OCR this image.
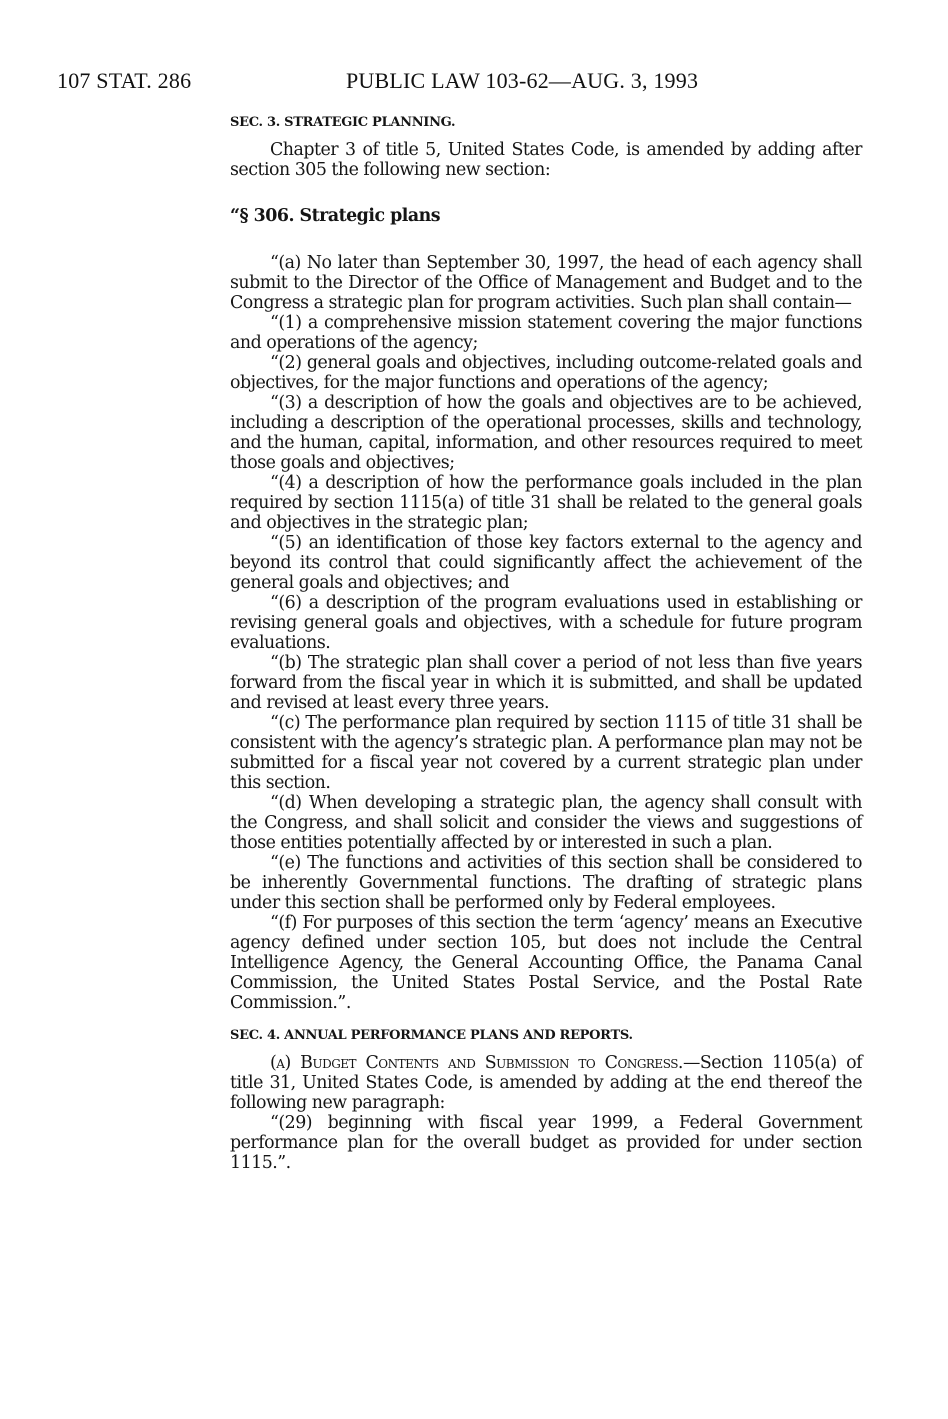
107 STAT. 286	PUBLIC LAW 103-62—AUG. 3, 1993

SEC. 3. STRATEGIC PLANNING.

Chapter 3 of title 5, United States Code, is amended by adding after section 305 the following new section:

“§ 306. Strategic plans

“(a) No later than September 30, 1997, the head of each agency shall submit to the Director of the Office of Management and Budget and to the Congress a strategic plan for program activities. Such plan shall contain—

“(1) a comprehensive mission statement covering the major functions and operations of the agency;

“(2) general goals and objectives, including outcome-related goals and objectives, for the major functions and operations of the agency;

“(3) a description of how the goals and objectives are to be achieved, including a description of the operational processes, skills and technology, and the human, capital, information, and other resources required to meet those goals and objectives;

“(4) a description of how the performance goals included in the plan required by section 1115(a) of title 31 shall be related to the general goals and objectives in the strategic plan;

“(5) an identification of those key factors external to the agency and beyond its control that could significantly affect the achievement of the general goals and objectives; and

“(6) a description of the program evaluations used in establishing or revising general goals and objectives, with a schedule for future program evaluations.

“(b) The strategic plan shall cover a period of not less than five years forward from the fiscal year in which it is submitted, and shall be updated and revised at least every three years.

“(c) The performance plan required by section 1115 of title 31 shall be consistent with the agency’s strategic plan. A performance plan may not be submitted for a fiscal year not covered by a current strategic plan under this section.

“(d) When developing a strategic plan, the agency shall consult with the Congress, and shall solicit and consider the views and suggestions of those entities potentially affected by or interested in such a plan.

“(e) The functions and activities of this section shall be considered to be inherently Governmental functions. The drafting of strategic plans under this section shall be performed only by Federal employees.

“(f) For purposes of this section the term ‘agency’ means an Executive agency defined under section 105, but does not include the Central Intelligence Agency, the General Accounting Office, the Panama Canal Commission, the United States Postal Service, and the Postal Rate Commission.”.

SEC. 4. ANNUAL PERFORMANCE PLANS AND REPORTS.

(a) Budget Contents and Submission to Congress.—Section 1105(a) of title 31, United States Code, is amended by adding at the end thereof the following new paragraph:

“(29) beginning with fiscal year 1999, a Federal Government performance plan for the overall budget as provided for under section 1115.”.
